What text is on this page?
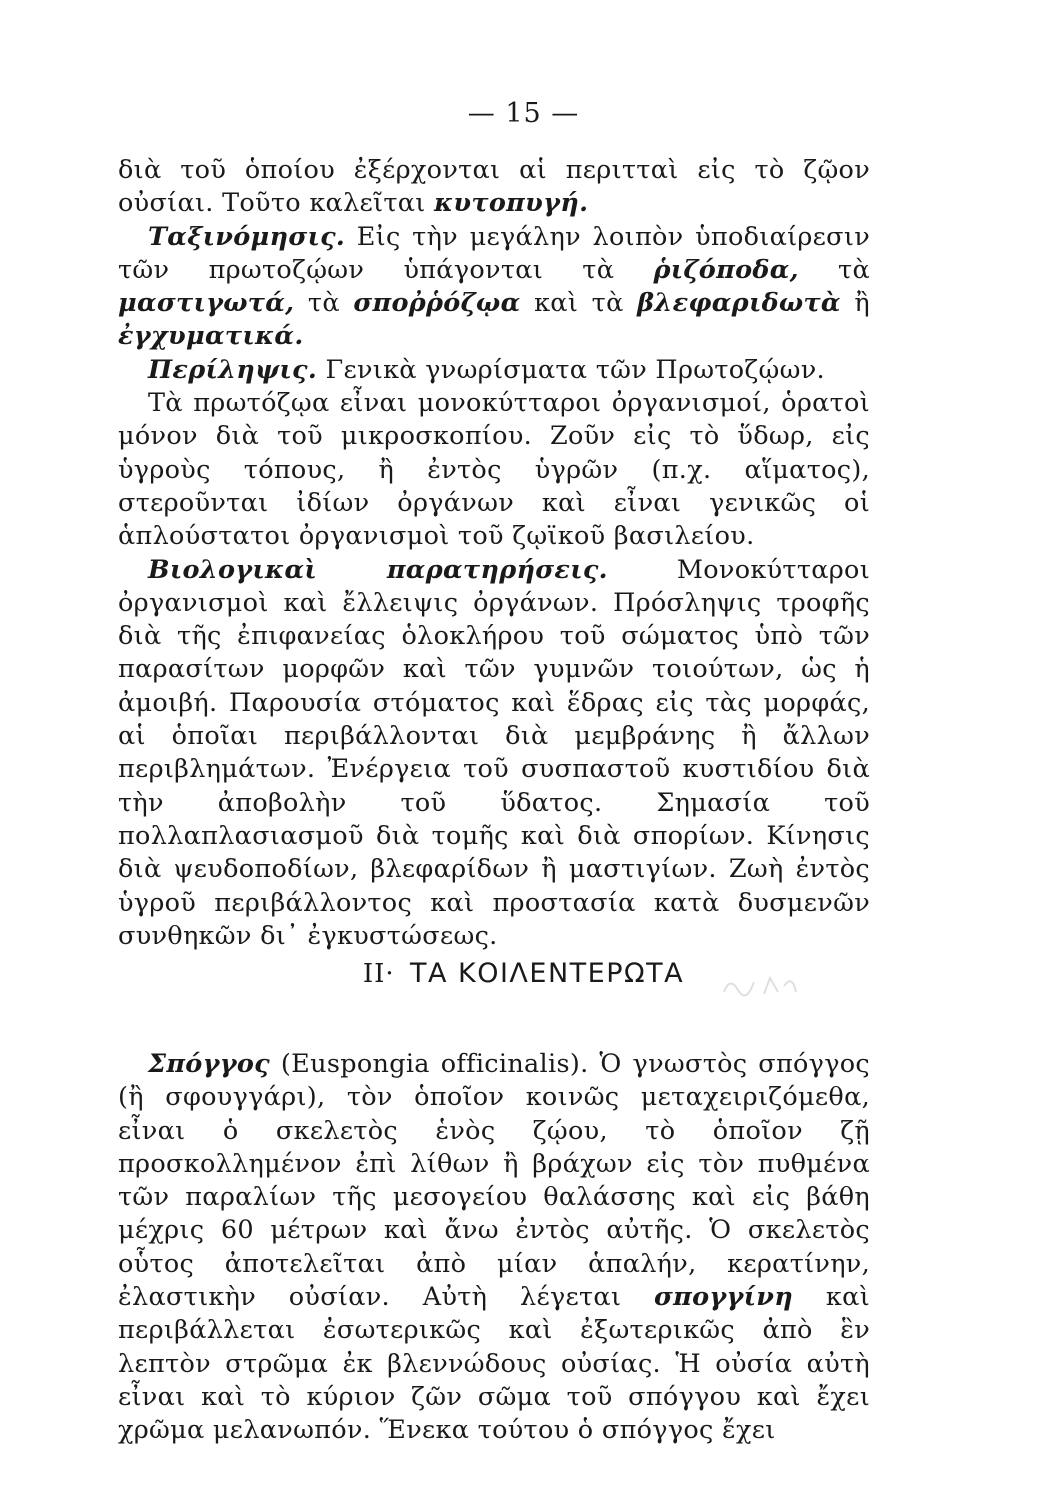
— 15 —

διὰ τοῦ ὁποίου ἐξέρχονται αἱ περιτταὶ εἰς τὸ ζῷον οὐσίαι. Τοῦτο καλεῖται κυτοπυγή.

Ταξινόμησις. Εἰς τὴν μεγάλην λοιπὸν ὑποδιαίρεσιν τῶν πρωτοζῴων ὑπάγονται τὰ ῥιζόποδα, τὰ μαστιγωτά, τὰ σποῤῥόζῳα καὶ τὰ βλεφαριδωτὰ ἢ ἐγχυματικά.

Περίληψις. Γενικὰ γνωρίσματα τῶν Πρωτοζῴων.

Τὰ πρωτόζῳα εἶναι μονοκύτταροι ὀργανισμοί, ὁρατοὶ μόνον διὰ τοῦ μικροσκοπίου. Ζοῦν εἰς τὸ ὕδωρ, εἰς ὑγροὺς τόπους, ἢ ἐντὸς ὑγρῶν (π.χ. αἵματος), στεροῦνται ἰδίων ὀργάνων καὶ εἶναι γενικῶς οἱ ἁπλούστατοι ὀργανισμοὶ τοῦ ζῳϊκοῦ βασιλείου.

Βιολογικαὶ παρατηρήσεις. Μονοκύτταροι ὀργανισμοὶ καὶ ἔλλειψις ὀργάνων. Πρόσληψις τροφῆς διὰ τῆς ἐπιφανείας ὁλοκλήρου τοῦ σώματος ὑπὸ τῶν παρασίτων μορφῶν καὶ τῶν γυμνῶν τοιούτων, ὡς ἡ ἀμοιβή. Παρουσία στόματος καὶ ἕδρας εἰς τὰς μορφάς, αἱ ὁποῖαι περιβάλλονται διὰ μεμβράνης ἢ ἄλλων περιβλημάτων. Ἐνέργεια τοῦ συσπαστοῦ κυστιδίου διὰ τὴν ἀποβολὴν τοῦ ὕδατος. Σημασία τοῦ πολλαπλασιασμοῦ διὰ τομῆς καὶ διὰ σπορίων. Κίνησις διὰ ψευδοποδίων, βλεφαρίδων ἢ μαστιγίων. Ζωὴ ἐντὸς ὑγροῦ περιβάλλοντος καὶ προστασία κατὰ δυσμενῶν συνθηκῶν δι᾽ ἐγκυστώσεως.

II· ΤΑ ΚΟΙΛΕΝΤΕΡΩΤΑ

Σπόγγος (Euspongia officinalis). Ὁ γνωστὸς σπόγγος (ἢ σφουγγάρι), τὸν ὁποῖον κοινῶς μεταχειριζόμεθα, εἶναι ὁ σκελετὸς ἑνὸς ζῴου, τὸ ὁποῖον ζῇ προσκολλημένον ἐπὶ λίθων ἢ βράχων εἰς τὸν πυθμένα τῶν παραλίων τῆς μεσογείου θαλάσσης καὶ εἰς βάθη μέχρις 60 μέτρων καὶ ἄνω ἐντὸς αὐτῆς. Ὁ σκελετὸς οὗτος ἀποτελεῖται ἀπὸ μίαν ἁπαλήν, κερατίνην, ἐλαστικὴν οὐσίαν. Αὐτὴ λέγεται σπογγίνη καὶ περιβάλλεται ἐσωτερικῶς καὶ ἐξωτερικῶς ἀπὸ ἓν λεπτὸν στρῶμα ἐκ βλεννώδους οὐσίας. Ἡ οὐσία αὐτὴ εἶναι καὶ τὸ κύριον ζῶν σῶμα τοῦ σπόγγου καὶ ἔχει χρῶμα μελανωπόν. Ἕνεκα τούτου ὁ σπόγγος ἔχει
